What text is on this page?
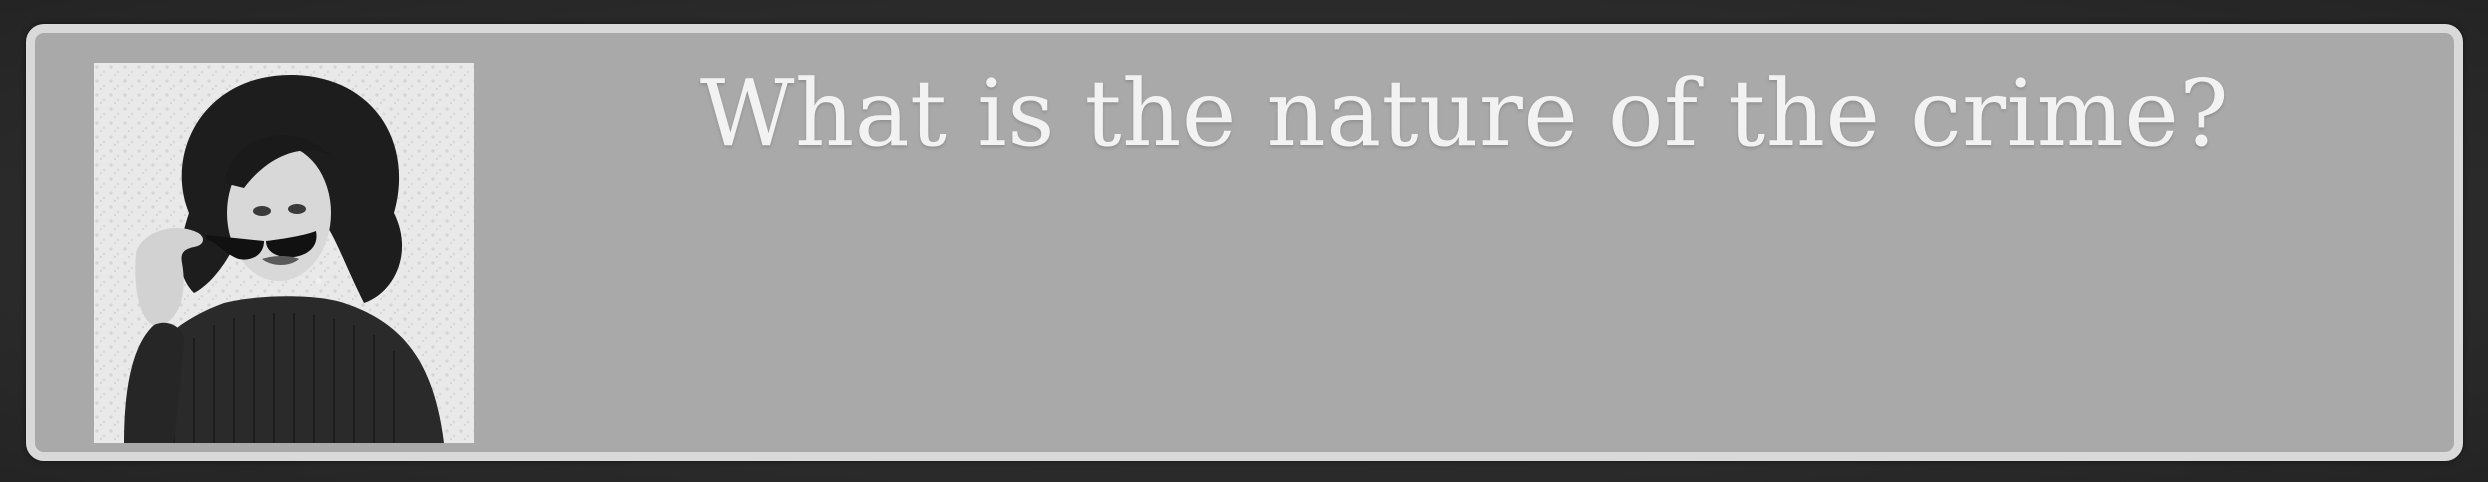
What is the nature of the crime?
